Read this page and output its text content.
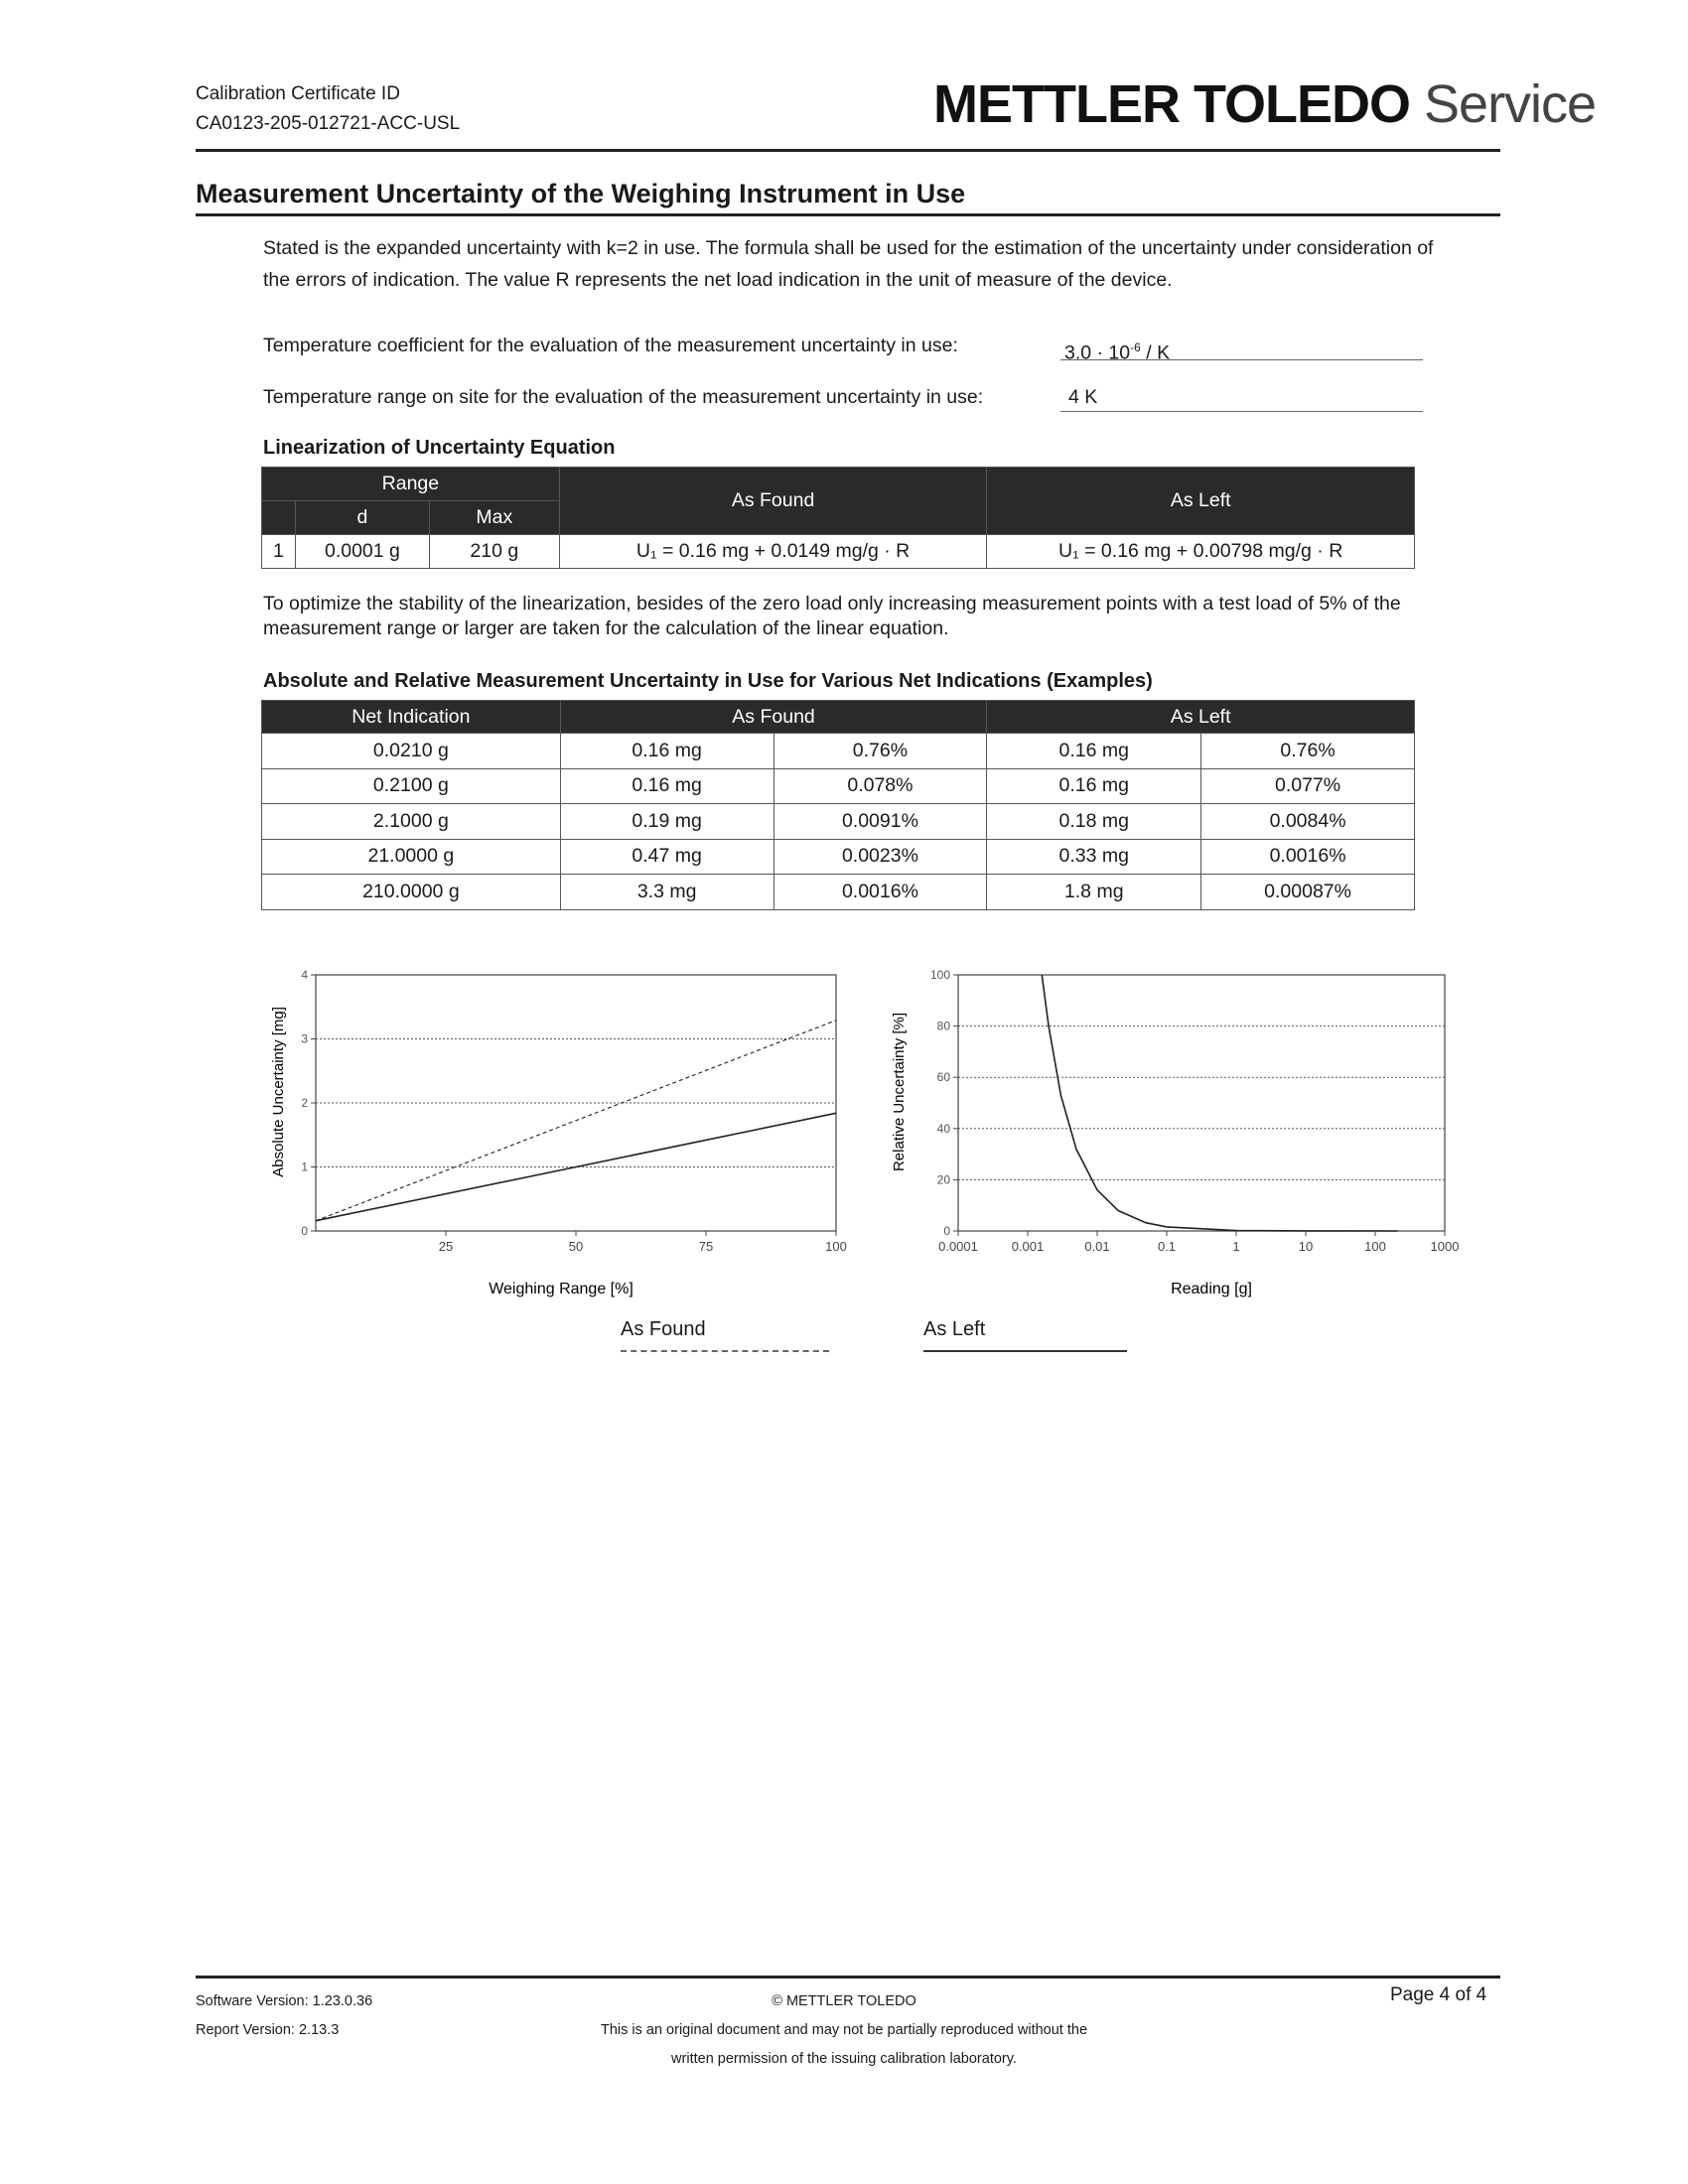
Calibration Certificate ID
CA0123-205-012721-ACC-USL	METTLER TOLEDO Service
Measurement Uncertainty of the Weighing Instrument in Use
Stated is the expanded uncertainty with k=2 in use. The formula shall be used for the estimation of the uncertainty under consideration of
the errors of indication. The value R represents the net load indication in the unit of measure of the device.
Temperature coefficient for the evaluation of the measurement uncertainty in use:	$3.0 \cdot 10^{-6} / K$
Temperature range on site for the evaluation of the measurement uncertainty in use:	4 K
Linearization of Uncertainty Equation
Range			As Found	As Left
	d	Max		
1	0.0001 g	210 g	U₁ = 0.16 mg + 0.0149 mg/g · R	U₁ = 0.16 mg + 0.00798 mg/g · R
To optimize the stability of the linearization, besides of the zero load only increasing measurement points with a test load of 5% of the
measurement range or larger are taken for the calculation of the linear equation.
Absolute and Relative Measurement Uncertainty in Use for Various Net Indications (Examples)
Net Indication	As Found		As Left	
0.0210 g	0.16 mg	0.76%	0.16 mg	0.76%
0.2100 g	0.16 mg	0.078%	0.16 mg	0.077%
2.1000 g	0.19 mg	0.0091%	0.18 mg	0.0084%
21.0000 g	0.47 mg	0.0023%	0.33 mg	0.0016%
210.0000 g	3.3 mg	0.0016%	1.8 mg	0.00087%
0
1
2
3
4
25	50	75	100
Absolute Uncertainty [mg]
Weighing Range [%]
0
20
40
60
80
100
0.0001	0.001	0.01	0.1	1	10	100	1000
Relative Uncertainty [%]
Reading [g]
As Found	As Left
Software Version: 1.23.0.36
Report Version: 2.13.3
© METTLER TOLEDO
This is an original document and may not be partially reproduced without the
written permission of the issuing calibration laboratory.
Page 4 of 4
